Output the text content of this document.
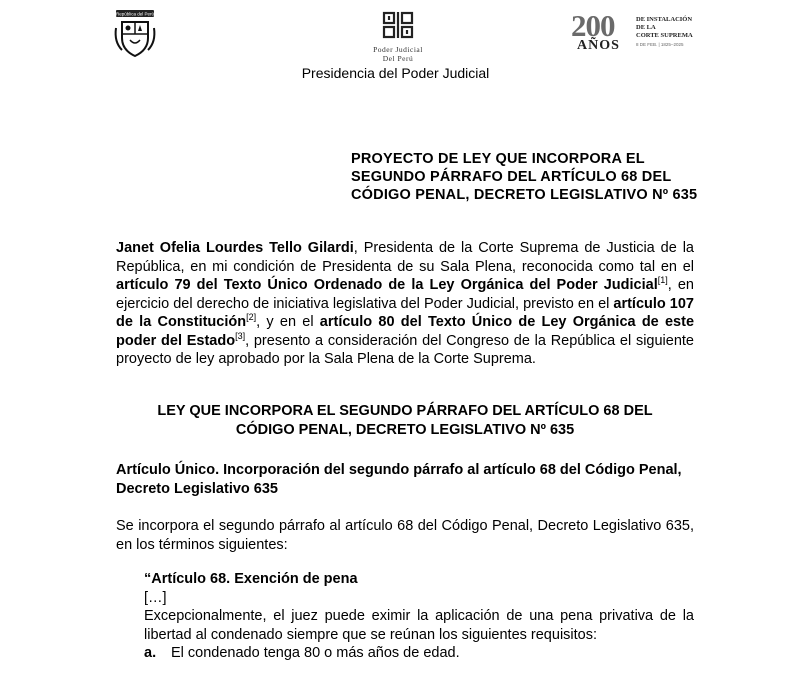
República del Perú
Poder Judicial
Del Perú
200
AÑOS
DE INSTALACIÓN
DE LA
CORTE SUPREMA
8 DE FEB. | 1825–2025
Presidencia del Poder Judicial
PROYECTO DE LEY QUE INCORPORA EL SEGUNDO PÁRRAFO DEL ARTÍCULO 68 DEL CÓDIGO PENAL, DECRETO LEGISLATIVO Nº 635
Janet Ofelia Lourdes Tello Gilardi, Presidenta de la Corte Suprema de Justicia de la República, en mi condición de Presidenta de su Sala Plena, reconocida como tal en el artículo 79 del Texto Único Ordenado de la Ley Orgánica del Poder Judicial[1], en ejercicio del derecho de iniciativa legislativa del Poder Judicial, previsto en el artículo 107 de la Constitución[2], y en el artículo 80 del Texto Único de Ley Orgánica de este poder del Estado[3], presento a consideración del Congreso de la República el siguiente proyecto de ley aprobado por la Sala Plena de la Corte Suprema.
LEY QUE INCORPORA EL SEGUNDO PÁRRAFO DEL ARTÍCULO 68 DEL
CÓDIGO PENAL, DECRETO LEGISLATIVO Nº 635
Artículo Único. Incorporación del segundo párrafo al artículo 68 del Código Penal, Decreto Legislativo 635
Se incorpora el segundo párrafo al artículo 68 del Código Penal, Decreto Legislativo 635, en los términos siguientes:
“Artículo 68. Exención de pena
[…]
Excepcionalmente, el juez puede eximir la aplicación de una pena privativa de la libertad al condenado siempre que se reúnan los siguientes requisitos:
a. El condenado tenga 80 o más años de edad.
